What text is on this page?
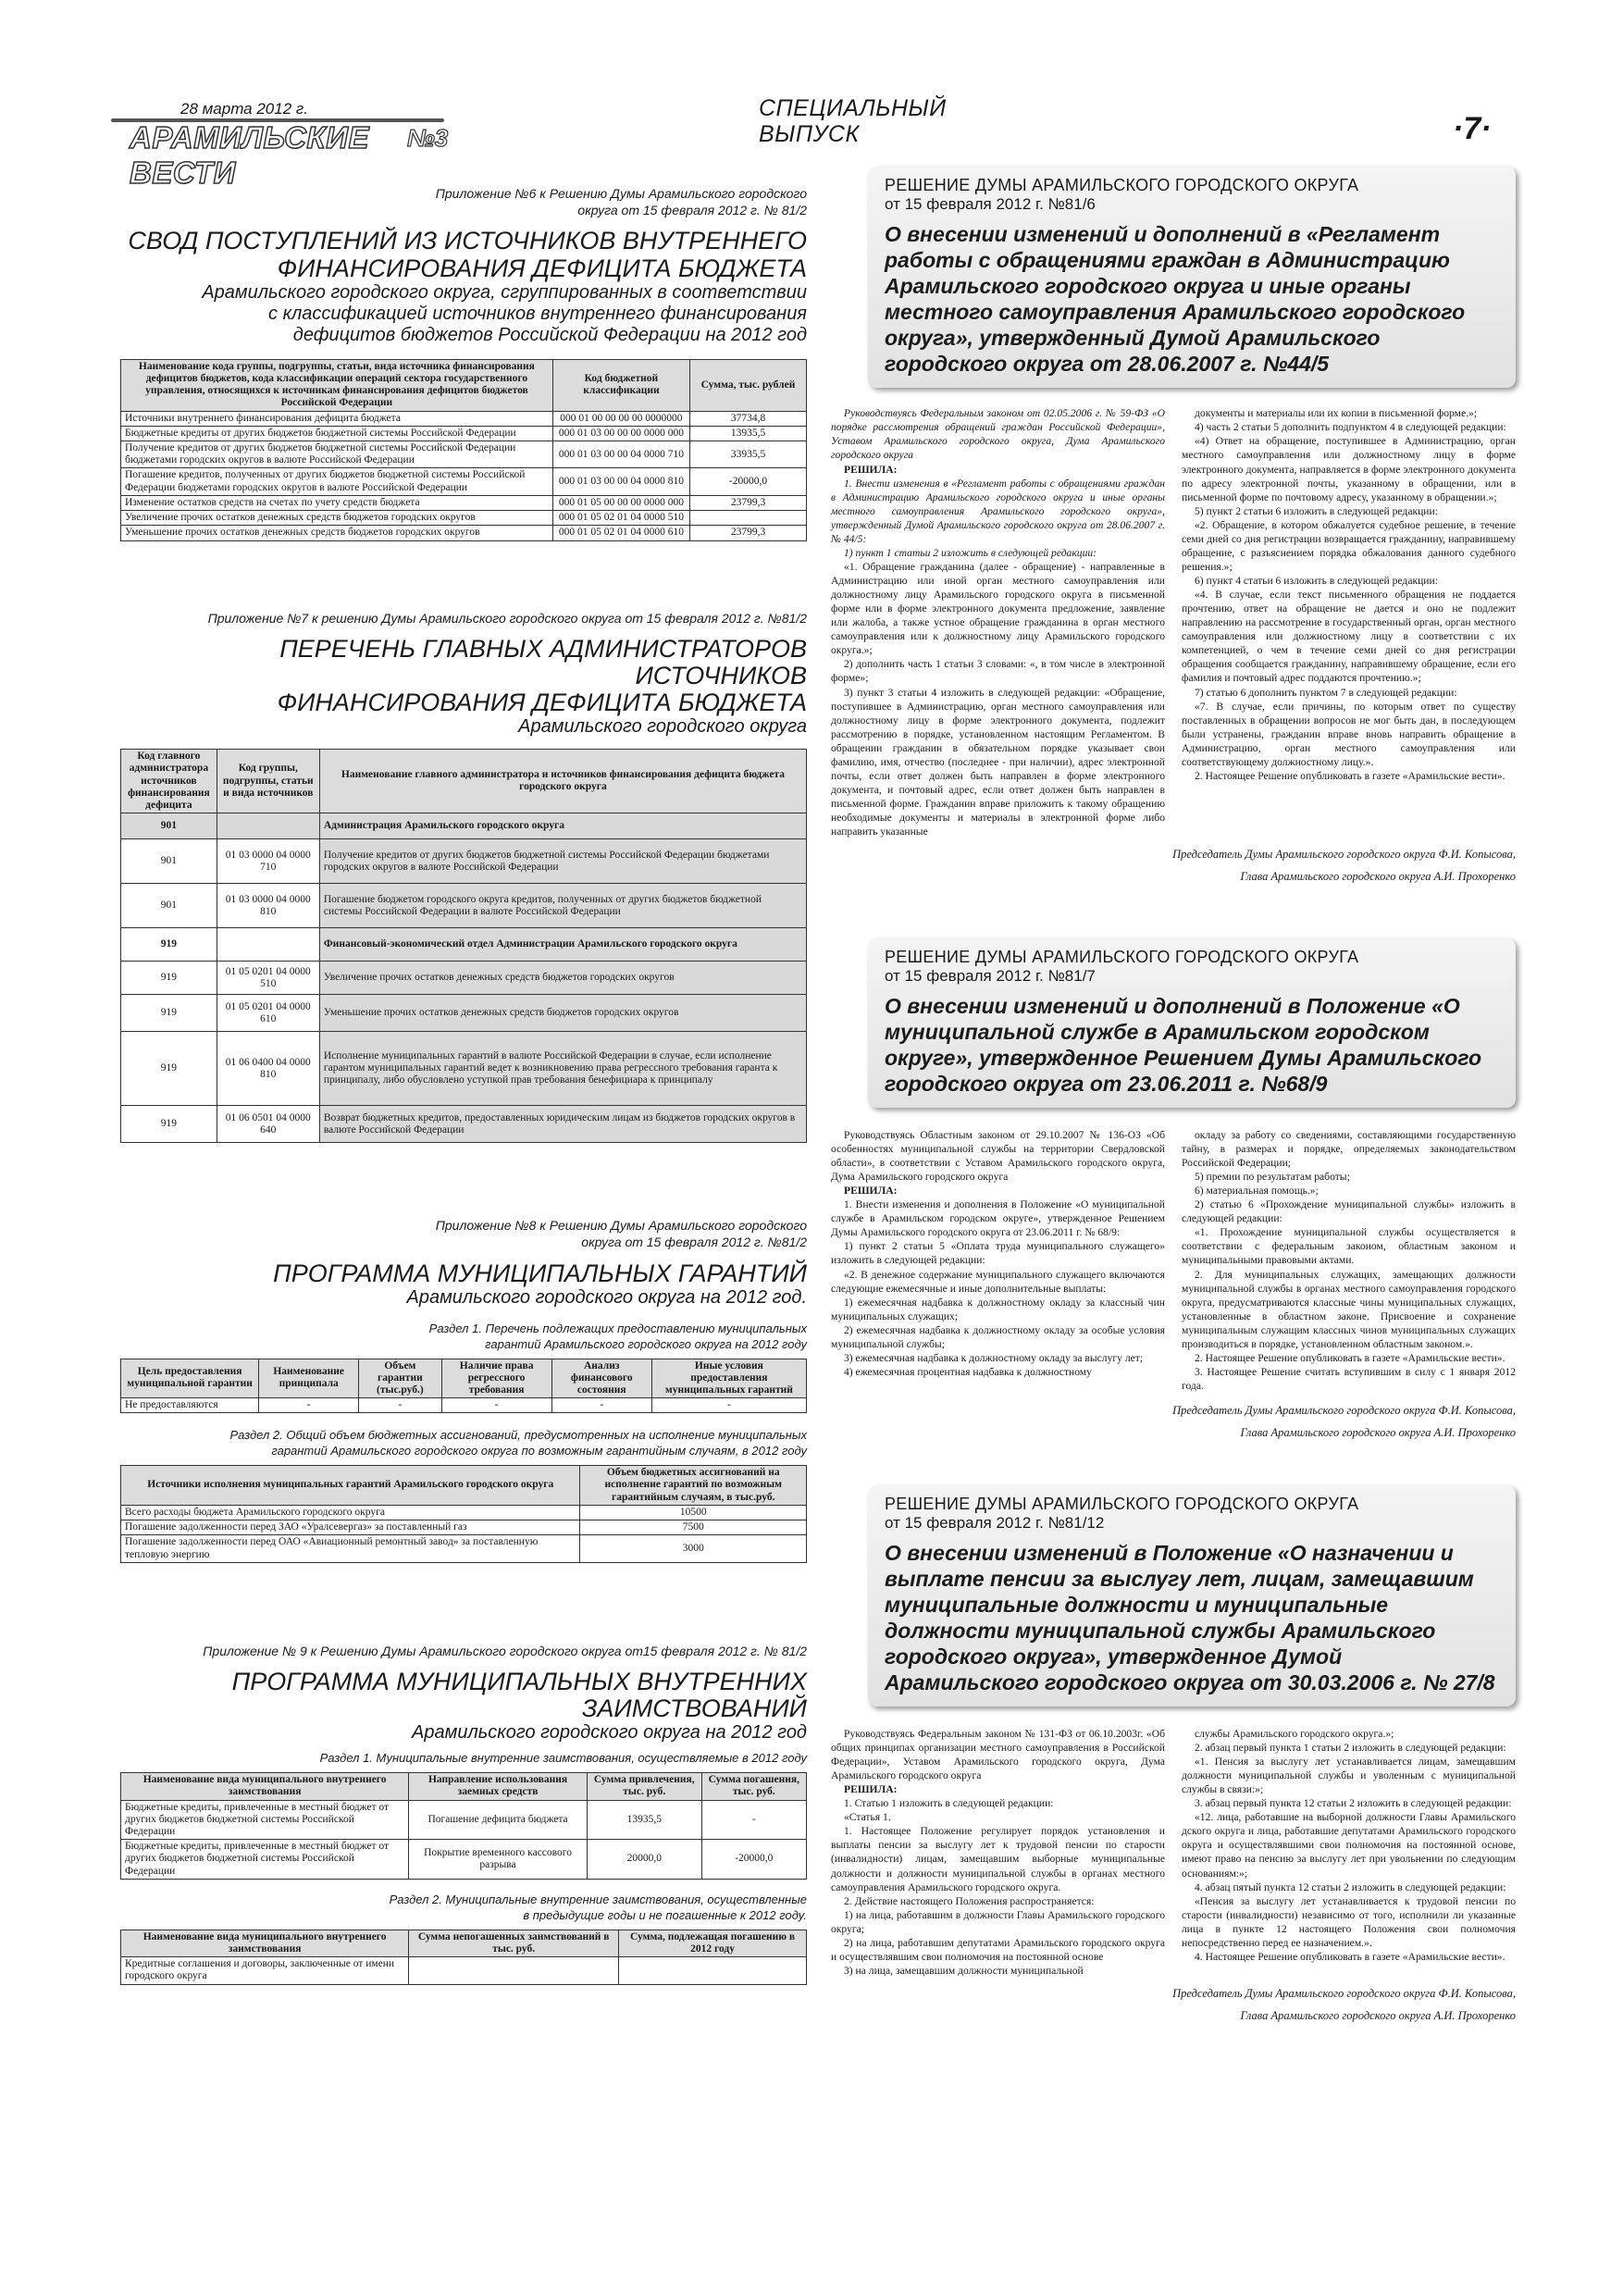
28 марта 2012 г.
АРАМИЛЬСКИЕ ВЕСТИ
№3
СПЕЦИАЛЬНЫЙ
ВЫПУСК	·7·
Приложение №6 к Решению Думы Арамильского городского
округа от 15 февраля 2012 г. № 81/2
СВОД ПОСТУПЛЕНИЙ ИЗ ИСТОЧНИКОВ ВНУТРЕННЕГО
ФИНАНСИРОВАНИЯ ДЕФИЦИТА БЮДЖЕТА
Арамильского городского округа, сгруппированных в соответствии
с классификацией источников внутреннего финансирования
дефицитов бюджетов Российской Федерации на 2012 год
Наименование кода группы, подгруппы, статьи, вида источника финансирования дефицитов бюджетов, кода классификации операций сектора государственного управления, относящихся к источникам финансирования дефицитов бюджетов Российской Федерации	Код бюджетной классификации	Сумма, тыс. рублей
Источники внутреннего финансирования дефицита бюджета	000 01 00 00 00 00 0000000	37734,8
Бюджетные кредиты от других бюджетов бюджетной системы Российской Федерации	000 01 03 00 00 00 0000 000	13935,5
Получение кредитов от других бюджетов бюджетной системы Российской Федерации бюджетами городских округов в валюте Российской Федерации	000 01 03 00 00 04 0000 710	33935,5
Погашение кредитов, полученных от других бюджетов бюджетной системы Российской Федерации бюджетами городских округов в валюте Российской Федерации	000 01 03 00 00 04 0000 810	-20000,0
Изменение остатков средств на счетах по учету средств бюджета	000 01 05 00 00 00 0000 000	23799,3
Увеличение прочих остатков денежных средств бюджетов городских округов	000 01 05 02 01 04 0000 510	
Уменьшение прочих остатков денежных средств бюджетов городских округов	000 01 05 02 01 04 0000 610	23799,3
Приложение №7 к решению Думы Арамильского городского округа от 15 февраля 2012 г. №81/2
ПЕРЕЧЕНЬ ГЛАВНЫХ АДМИНИСТРАТОРОВ ИСТОЧНИКОВ
ФИНАНСИРОВАНИЯ ДЕФИЦИТА БЮДЖЕТА
Арамильского городского округа
Код главного администратора источников финансирования дефицита	Код группы, подгруппы, статьи и вида источников	Наименование главного администратора и источников финансирования дефицита бюджета городского округа
901		Администрация Арамильского городского округа
901	01 03 0000 04 0000 710	Получение кредитов от других бюджетов бюджетной системы Российской Федерации бюджетами городских округов в валюте Российской Федерации
901	01 03 0000 04 0000 810	Погашение бюджетом городского округа кредитов, полученных от других бюджетов бюджетной системы Российской Федерации в валюте Российской Федерации
919		Финансовый-экономический отдел Администрации Арамильского городского округа
919	01 05 0201 04 0000 510	Увеличение прочих остатков денежных средств бюджетов городских округов
919	01 05 0201 04 0000 610	Уменьшение прочих остатков денежных средств бюджетов городских округов
919	01 06 0400 04 0000 810	Исполнение муниципальных гарантий в валюте Российской Федерации в случае, если исполнение гарантом муниципальных гарантий ведет к возникновению права регрессного требования гаранта к принципалу, либо обусловлено уступкой прав требования бенефициара к принципалу
919	01 06 0501 04 0000 640	Возврат бюджетных кредитов, предоставленных юридическим лицам из бюджетов городских округов в валюте Российской Федерации
Приложение №8 к Решению Думы Арамильского городского
округа от 15 февраля 2012 г. №81/2
ПРОГРАММА МУНИЦИПАЛЬНЫХ ГАРАНТИЙ
Арамильского городского округа на 2012 год.
Раздел 1. Перечень подлежащих предоставлению муниципальных
гарантий Арамильского городского округа на 2012 году
Цель предоставления муниципальной гарантии	Наименование принципала	Объем гарантии (тыс.руб.)	Наличие права регрессного требования	Анализ финансового состояния	Иные условия предоставления муниципальных гарантий
Не предоставляются	-	-	-	-	-
Раздел 2. Общий объем бюджетных ассигнований, предусмотренных на исполнение муниципальных
гарантий Арамильского городского округа по возможным гарантийным случаям, в 2012 году
Источники исполнения муниципальных гарантий Арамильского городского округа	Объем бюджетных ассигнований на исполнение гарантий по возможным гарантийным случаям, в тыс.руб.
Всего расходы бюджета Арамильского городского округа	10500
Погашение задолженности перед ЗАО «Уралсевергаз» за поставленный газ	7500
Погашение задолженности перед ОАО «Авиационный ремонтный завод» за поставленную тепловую энергию	3000
Приложение № 9 к Решению Думы Арамильского городского округа от15 февраля 2012 г. № 81/2
ПРОГРАММА МУНИЦИПАЛЬНЫХ ВНУТРЕННИХ ЗАИМСТВОВАНИЙ
Арамильского городского округа на 2012 год
Раздел 1. Муниципальные внутренние заимствования, осуществляемые в 2012 году
Наименование вида муниципального внутреннего заимствования	Направление использования заемных средств	Сумма привлечения, тыс. руб.	Сумма погашения, тыс. руб.
Бюджетные кредиты, привлеченные в местный бюджет от других бюджетов бюджетной системы Российской Федерации	Погашение дефицита бюджета	13935,5	-
Бюджетные кредиты, привлеченные в местный бюджет от других бюджетов бюджетной системы Российской Федерации	Покрытие временного кассового разрыва	20000,0	-20000,0
Раздел 2. Муниципальные внутренние заимствования, осуществленные
в предыдущие годы и не погашенные к 2012 году.
Наименование вида муниципального внутреннего заимствования	Сумма непогашенных заимствований в тыс. руб.	Сумма, подлежащая погашению в 2012 году
Кредитные соглашения и договоры, заключенные от имени городского округа		
РЕШЕНИЕ ДУМЫ АРАМИЛЬСКОГО ГОРОДСКОГО ОКРУГА
от 15 февраля 2012 г. №81/6
О внесении изменений и дополнений в «Регламент работы с обращениями граждан в Администрацию Арамильского городского округа и иные органы местного самоуправления Арамильского городского округа», утвержденный Думой Арамильского городского округа от 28.06.2007 г. №44/5

Руководствуясь Федеральным законом от 02.05.2006 г. № 59-ФЗ «О порядке рассмотрения обращений граждан Российской Федерации», Уставом Арамильского городского округа, Дума Арамильского городского округа

РЕШИЛА:

1. Внести изменения в «Регламент работы с обращениями граждан в Администрацию Арамильского городского округа и иные органы местного самоуправления Арамильского городского округа», утвержденный Думой Арамильского городского округа от 28.06.2007 г. № 44/5:

1) пункт 1 статьи 2 изложить в следующей редакции:

«1. Обращение гражданина (далее - обращение) - направленные в Администрацию или иной орган местного самоуправления или должностному лицу Арамильского городского округа в письменной форме или в форме электронного документа предложение, заявление или жалоба, а также устное обращение гражданина в орган местного самоуправления или к должностному лицу Арамильского городского округа.»;

2) дополнить часть 1 статьи 3 словами: «, в том числе в электронной форме»;

3) пункт 3 статьи 4 изложить в следующей редакции: «Обращение, поступившее в Администрацию, орган местного самоуправления или должностному лицу в форме электронного документа, подлежит рассмотрению в порядке, установленном настоящим Регламентом. В обращении гражданин в обязательном порядке указывает свои фамилию, имя, отчество (последнее - при наличии), адрес электронной почты, если ответ должен быть направлен в форме электронного документа, и почтовый адрес, если ответ должен быть направлен в письменной форме. Гражданин вправе приложить к такому обращению необходимые документы и материалы в электронной форме либо направить указанные

документы и материалы или их копии в письменной форме.»;

4) часть 2 статьи 5 дополнить подпунктом 4 в следующей редакции:

«4) Ответ на обращение, поступившее в Администрацию, орган местного самоуправления или должностному лицу в форме электронного документа, направляется в форме электронного документа по адресу электронной почты, указанному в обращении, или в письменной форме по почтовому адресу, указанному в обращении.»;

5) пункт 2 статьи 6 изложить в следующей редакции:

«2. Обращение, в котором обжалуется судебное решение, в течение семи дней со дня регистрации возвращается гражданину, направившему обращение, с разъяснением порядка обжалования данного судебного решения.»;

6) пункт 4 статьи 6 изложить в следующей редакции:

«4. В случае, если текст письменного обращения не поддается прочтению, ответ на обращение не дается и оно не подлежит направлению на рассмотрение в государственный орган, орган местного самоуправления или должностному лицу в соответствии с их компетенцией, о чем в течение семи дней со дня регистрации обращения сообщается гражданину, направившему обращение, если его фамилия и почтовый адрес поддаются прочтению.»;

7) статью 6 дополнить пунктом 7 в следующей редакции:

«7. В случае, если причины, по которым ответ по существу поставленных в обращении вопросов не мог быть дан, в последующем были устранены, гражданин вправе вновь направить обращение в Администрацию, орган местного самоуправления или соответствующему должностному лицу.».

2. Настоящее Решение опубликовать в газете «Арамильские вести».

Председатель Думы Арамильского городского округа Ф.И. Копысова,
Глава Арамильского городского округа А.И. Прохоренко
РЕШЕНИЕ ДУМЫ АРАМИЛЬСКОГО ГОРОДСКОГО ОКРУГА
от 15 февраля 2012 г. №81/7
О внесении изменений и дополнений в Положение «О муниципальной службе в Арамильском городском округе», утвержденное Решением Думы Арамильского городского округа от 23.06.2011 г. №68/9

Руководствуясь Областным законом от 29.10.2007 № 136-ОЗ «Об особенностях муниципальной службы на территории Свердловской области», в соответствии с Уставом Арамильского городского округа, Дума Арамильского городского округа

РЕШИЛА:

1. Внести изменения и дополнения в Положение «О муниципальной службе в Арамильском городском округе», утвержденное Решением Думы Арамильского городского округа от 23.06.2011 г. № 68/9:

1) пункт 2 статьи 5 «Оплата труда муниципального служащего» изложить в следующей редакции:

«2. В денежное содержание муниципального служащего включаются следующие ежемесячные и иные дополнительные выплаты:

1) ежемесячная надбавка к должностному окладу за классный чин муниципальных служащих;

2) ежемесячная надбавка к должностному окладу за особые условия муниципальной службы;

3) ежемесячная надбавка к должностному окладу за выслугу лет;

4) ежемесячная процентная надбавка к должностному

окладу за работу со сведениями, составляющими государственную тайну, в размерах и порядке, определяемых законодательством Российской Федерации;

5) премии по результатам работы;

6) материальная помощь.»;

2) статью 6 «Прохождение муниципальной службы» изложить в следующей редакции:

«1. Прохождение муниципальной службы осуществляется в соответствии с федеральным законом, областным законом и муниципальными правовыми актами.

2. Для муниципальных служащих, замещающих должности муниципальной службы в органах местного самоуправления городского округа, предусматриваются классные чины муниципальных служащих, установленные в областном законе. Присвоение и сохранение муниципальным служащим классных чинов муниципальных служащих производиться в порядке, установленном областным законом.».

2. Настоящее Решение опубликовать в газете «Арамильские вести».

3. Настоящее Решение считать вступившим в силу с 1 января 2012 года.

Председатель Думы Арамильского городского округа Ф.И. Копысова,
Глава Арамильского городского округа А.И. Прохоренко
РЕШЕНИЕ ДУМЫ АРАМИЛЬСКОГО ГОРОДСКОГО ОКРУГА
от 15 февраля 2012 г. №81/12
О внесении изменений в Положение «О назначении и выплате пенсии за выслугу лет, лицам, замещавшим муниципальные должности и муниципальные должности муниципальной службы Арамильского городского округа», утвержденное Думой Арамильского городского округа от 30.03.2006 г. № 27/8

Руководствуясь Федеральным законом № 131-ФЗ от 06.10.2003г. «Об общих принципах организации местного самоуправления в Российской Федерации», Уставом Арамильского городского округа, Дума Арамильского городского округа

РЕШИЛА:

1. Статью 1 изложить в следующей редакции:

«Статья 1.

1. Настоящее Положение регулирует порядок установления и выплаты пенсии за выслугу лет к трудовой пенсии по старости (инвалидности) лицам, замещавшим выборные муниципальные должности и должности муниципальной службы в органах местного самоуправления Арамильского городского округа.

2. Действие настоящего Положения распространяется:

1) на лица, работавшим в должности Главы Арамильского городского округа;

2) на лица, работавшим депутатами Арамильского городского округа и осуществлявшим свои полномочия на постоянной основе

3) на лица, замещавшим должности муниципальной

службы Арамильского городского округа.»;

2. абзац первый пункта 1 статьи 2 изложить в следующей редакции:

«1. Пенсия за выслугу лет устанавливается лицам, замещавшим должности муниципальной службы и уволенным с муниципальной службы в связи:»;

3. абзац первый пункта 12 статьи 2 изложить в следующей редакции:

«12. лица, работавшие на выборной должности Главы Арамильского дского округа и лица, работавшие депутатами Арамильского городского округа и осуществлявшими свои полномочия на постоянной основе, имеют право на пенсию за выслугу лет при увольнении по следующим основаниям:»;

4. абзац пятый пункта 12 статьи 2 изложить в следующей редакции:

«Пенсия за выслугу лет устанавливается к трудовой пенсии по старости (инвалидности) независимо от того, исполнили ли указанные лица в пункте 12 настоящего Положения свои полномочия непосредственно перед ее назначением.».

4. Настоящее Решение опубликовать в газете «Арамильские вести».

Председатель Думы Арамильского городского округа Ф.И. Копысова,
Глава Арамильского городского округа А.И. Прохоренко
